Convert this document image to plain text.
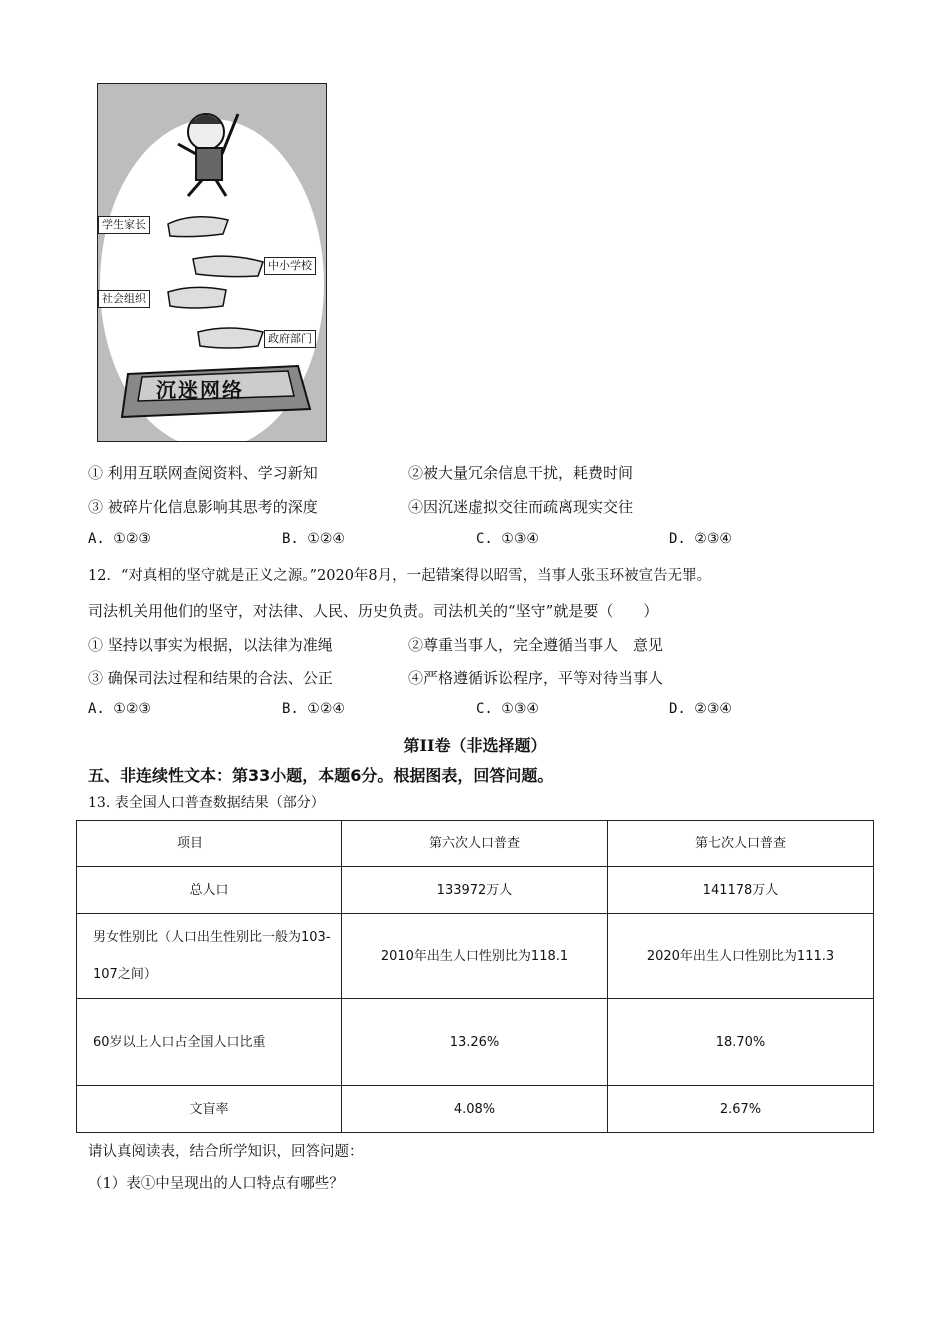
学生家长
中小学校
社会组织
政府部门
沉迷网络
① 利用互联网查阅资料、学习新知	②被大量冗余信息干扰，耗费时间
③ 被碎片化信息影响其思考的深度	④因沉迷虚拟交往而疏离现实交往
A. ①②③	B. ①②④	C. ①③④	D. ②③④
12．“对真相的坚守就是正义之源。”2020年8月，一起错案得以昭雪，当事人张玉环被宣告无罪。
司法机关用他们的坚守，对法律、人民、历史负责。司法机关的“坚守”就是要（　　）
① 坚持以事实为根据，以法律为准绳	②尊重当事人，完全遵循当事人　意见
③ 确保司法过程和结果的合法、公正	④严格遵循诉讼程序，平等对待当事人
A. ①②③	B. ①②④	C. ①③④	D. ②③④
第II卷（非选择题）
五、非连续性文本：第33小题，本题6分。根据图表，回答问题。
13. 表全国人口普查数据结果（部分）
项目	第六次人口普查	第七次人口普查
总人口	133972万人	141178万人
男女性别比（人口出生性别比一般为103-107之间）	2010年出生人口性别比为118.1	2020年出生人口性别比为111.3
60岁以上人口占全国人口比重	13.26%	18.70%
文盲率	4.08%	2.67%
请认真阅读表，结合所学知识，回答问题：
（1）表①中呈现出的人口特点有哪些？
